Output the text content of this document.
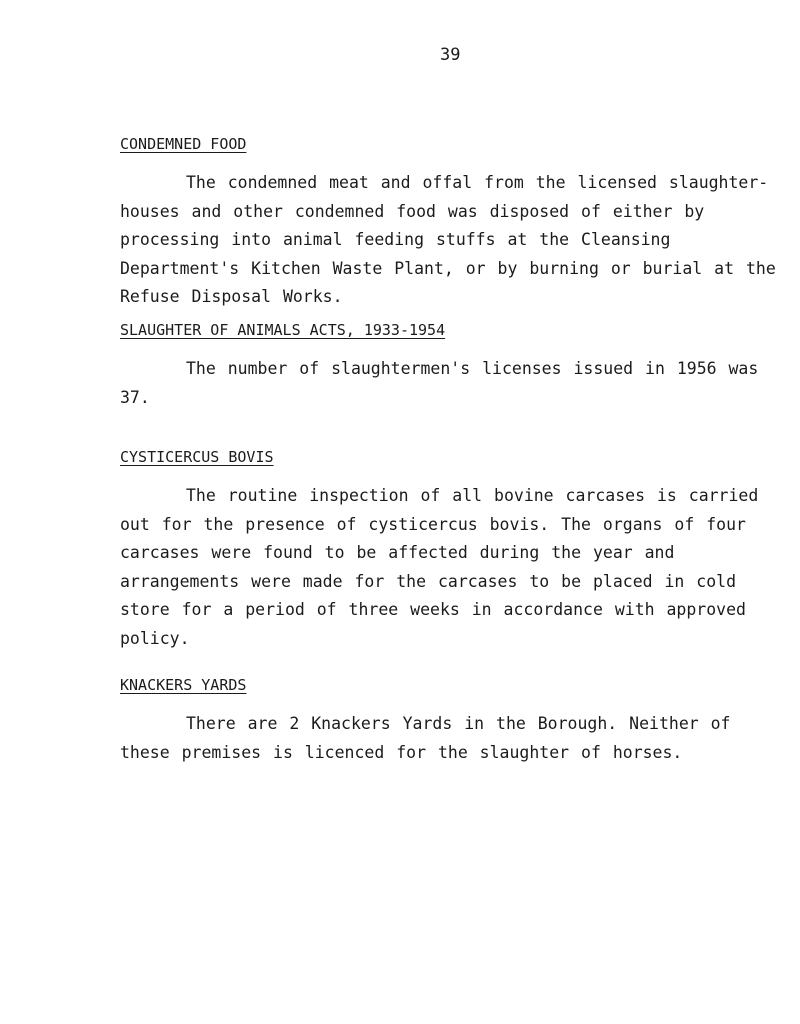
39

CONDEMNED FOOD

The condemned meat and offal from the licensed slaughter-houses and other condemned food was disposed of either by processing into animal feeding stuffs at the Cleansing Department's Kitchen Waste Plant, or by burning or burial at the Refuse Disposal Works.

SLAUGHTER OF ANIMALS ACTS, 1933-1954

The number of slaughtermen's licenses issued in 1956 was 37.

CYSTICERCUS BOVIS

The routine inspection of all bovine carcases is carried out for the presence of cysticercus bovis. The organs of four carcases were found to be affected during the year and arrangements were made for the carcases to be placed in cold store for a period of three weeks in accordance with approved policy.

KNACKERS YARDS

There are 2 Knackers Yards in the Borough. Neither of these premises is licenced for the slaughter of horses.
